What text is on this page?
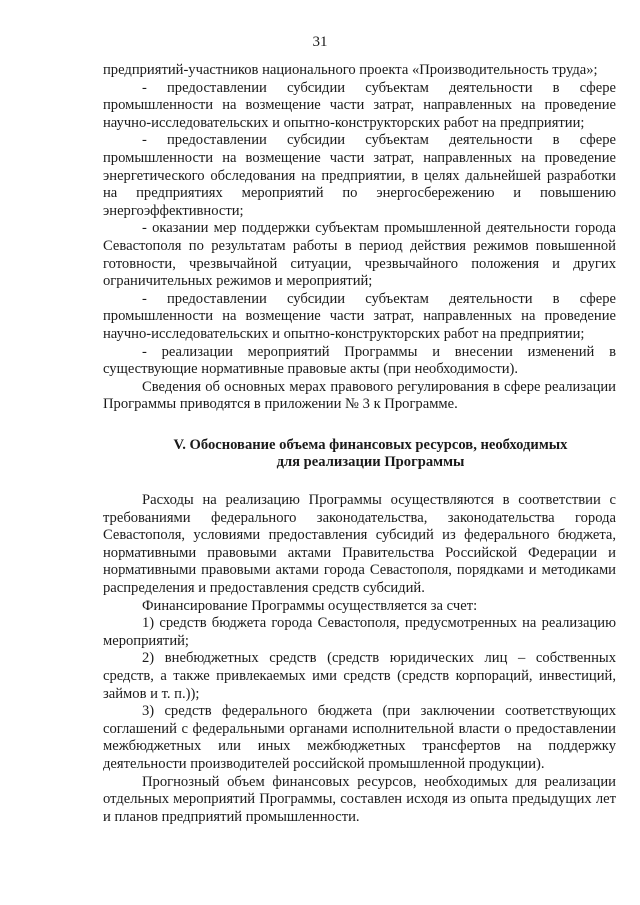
31

предприятий-участников национального проекта «Производительность труда»;

- предоставлении субсидии субъектам деятельности в сфере промышленности на возмещение части затрат, направленных на проведение научно-исследовательских и опытно-конструкторских работ на предприятии;

- предоставлении субсидии субъектам деятельности в сфере промышленности на возмещение части затрат, направленных на проведение энергетического обследования на предприятии, в целях дальнейшей разработки на предприятиях мероприятий по энергосбережению и повышению энергоэффективности;

- оказании мер поддержки субъектам промышленной деятельности города Севастополя по результатам работы в период действия режимов повышенной готовности, чрезвычайной ситуации, чрезвычайного положения и других ограничительных режимов и мероприятий;

- предоставлении субсидии субъектам деятельности в сфере промышленности на возмещение части затрат, направленных на проведение научно-исследовательских и опытно-конструкторских работ на предприятии;

- реализации мероприятий Программы и внесении изменений в существующие нормативные правовые акты (при необходимости).

Сведения об основных мерах правового регулирования в сфере реализации Программы приводятся в приложении № 3 к Программе.

V. Обоснование объема финансовых ресурсов, необходимых
для реализации Программы

Расходы на реализацию Программы осуществляются в соответствии с требованиями федерального законодательства, законодательства города Севастополя, условиями предоставления субсидий из федерального бюджета, нормативными правовыми актами Правительства Российской Федерации и нормативными правовыми актами города Севастополя, порядками и методиками распределения и предоставления средств субсидий.

Финансирование Программы осуществляется за счет:

1) средств бюджета города Севастополя, предусмотренных на реализацию мероприятий;

2) внебюджетных средств (средств юридических лиц – собственных средств, а также привлекаемых ими средств (средств корпораций, инвестиций, займов и т. п.));

3) средств федерального бюджета (при заключении соответствующих соглашений с федеральными органами исполнительной власти о предоставлении межбюджетных или иных межбюджетных трансфертов на поддержку деятельности производителей российской промышленной продукции).

Прогнозный объем финансовых ресурсов, необходимых для реализации отдельных мероприятий Программы, составлен исходя из опыта предыдущих лет и планов предприятий промышленности.
